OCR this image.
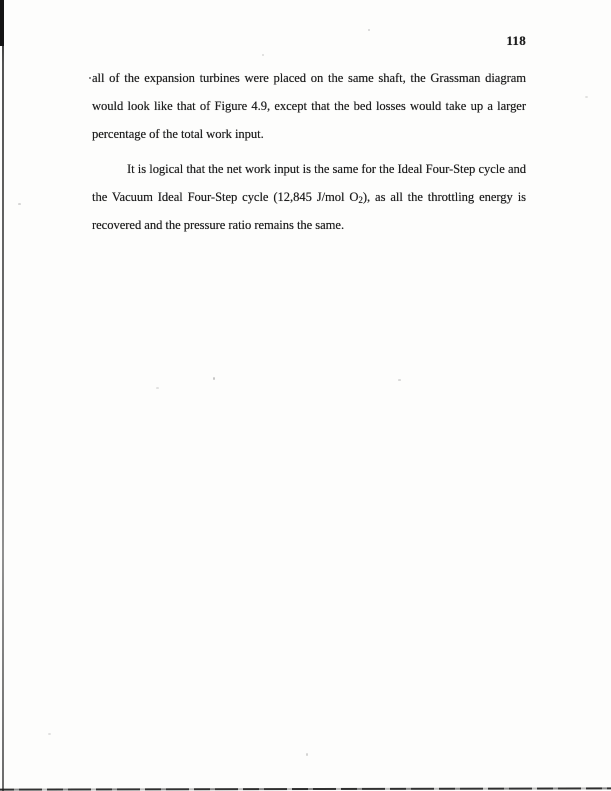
118
all of the expansion turbines were placed on the same shaft, the Grassman diagram
would look like that of Figure 4.9, except that the bed losses would take up a larger
percentage of the total work input.
It is logical that the net work input is the same for the Ideal Four-Step cycle and
the Vacuum Ideal Four-Step cycle (12,845 J/mol $O_2$), as all the throttling energy is
recovered and the pressure ratio remains the same.
